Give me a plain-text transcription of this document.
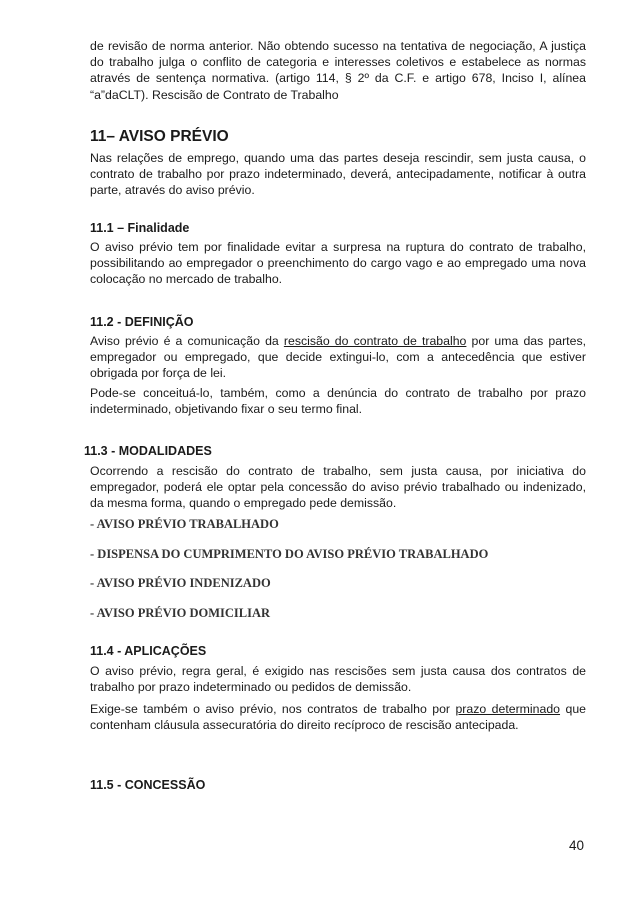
de revisão de norma anterior. Não obtendo sucesso na tentativa de negociação, A justiça do trabalho julga o conflito de categoria e interesses coletivos e estabelece as normas através de sentença normativa. (artigo 114, § 2º da C.F. e artigo 678, Inciso I, alínea “a”daCLT). Rescisão de Contrato de Trabalho

11– AVISO PRÉVIO

Nas relações de emprego, quando uma das partes deseja rescindir, sem justa causa, o contrato de trabalho por prazo indeterminado, deverá, antecipadamente, notificar à outra parte, através do aviso prévio.

11.1 – Finalidade

O aviso prévio tem por finalidade evitar a surpresa na ruptura do contrato de trabalho, possibilitando ao empregador o preenchimento do cargo vago e ao empregado uma nova colocação no mercado de trabalho.

11.2 - DEFINIÇÃO

Aviso prévio é a comunicação da rescisão do contrato de trabalho por uma das partes, empregador ou empregado, que decide extingui-lo, com a antecedência que estiver obrigada por força de lei.

Pode-se conceituá-lo, também, como a denúncia do contrato de trabalho por prazo indeterminado, objetivando fixar o seu termo final.

11.3 - MODALIDADES

Ocorrendo a rescisão do contrato de trabalho, sem justa causa, por iniciativa do empregador, poderá ele optar pela concessão do aviso prévio trabalhado ou indenizado, da mesma forma, quando o empregado pede demissão.

- AVISO PRÉVIO TRABALHADO

- DISPENSA DO CUMPRIMENTO DO AVISO PRÉVIO TRABALHADO

- AVISO PRÉVIO INDENIZADO

- AVISO PRÉVIO DOMICILIAR

11.4 - APLICAÇÕES

O aviso prévio, regra geral, é exigido nas rescisões sem justa causa dos contratos de trabalho por prazo indeterminado ou pedidos de demissão.

Exige-se também o aviso prévio, nos contratos de trabalho por prazo determinado que contenham cláusula assecuratória do direito recíproco de rescisão antecipada.

11.5 - CONCESSÃO

40
